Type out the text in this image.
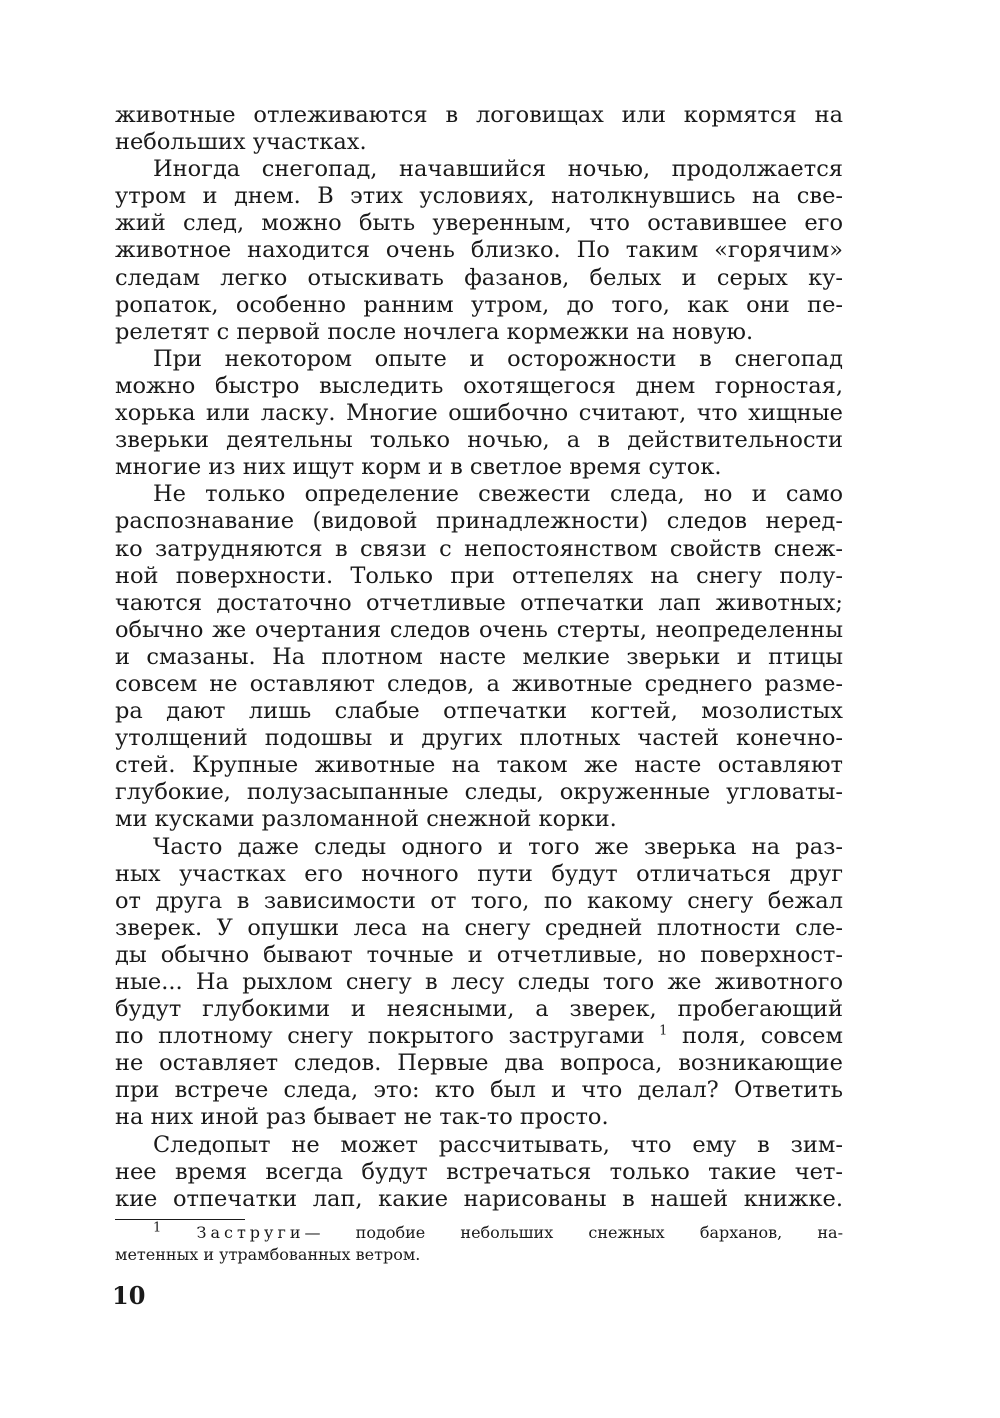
животные отлеживаются в логовищах или кормятся на
небольших участках.
Иногда снегопад, начавшийся ночью, продолжается
утром и днем. В этих условиях, натолкнувшись на све-
жий след, можно быть уверенным, что оставившее его
животное находится очень близко. По таким «горячим»
следам легко отыскивать фазанов, белых и серых ку-
ропаток, особенно ранним утром, до того, как они пе-
релетят с первой после ночлега кормежки на новую.
При некотором опыте и осторожности в снегопад
можно быстро выследить охотящегося днем горностая,
хорька или ласку. Многие ошибочно считают, что хищные
зверьки деятельны только ночью, а в действительности
многие из них ищут корм и в светлое время суток.
Не только определение свежести следа, но и само
распознавание (видовой принадлежности) следов неред-
ко затрудняются в связи с непостоянством свойств снеж-
ной поверхности. Только при оттепелях на снегу полу-
чаются достаточно отчетливые отпечатки лап животных;
обычно же очертания следов очень стерты, неопределенны
и смазаны. На плотном насте мелкие зверьки и птицы
совсем не оставляют следов, а животные среднего разме-
ра дают лишь слабые отпечатки когтей, мозолистых
утолщений подошвы и других плотных частей конечно-
стей. Крупные животные на таком же насте оставляют
глубокие, полузасыпанные следы, окруженные угловаты-
ми кусками разломанной снежной корки.
Часто даже следы одного и того же зверька на раз-
ных участках его ночного пути будут отличаться друг
от друга в зависимости от того, по какому снегу бежал
зверек. У опушки леса на снегу средней плотности сле-
ды обычно бывают точные и отчетливые, но поверхност-
ные... На рыхлом снегу в лесу следы того же животного
будут глубокими и неясными, а зверек, пробегающий
по плотному снегу покрытого застругами $^1$ поля, совсем
не оставляет следов. Первые два вопроса, возникающие
при встрече следа, это: кто был и что делал? Ответить
на них иной раз бывает не так-то просто.
Следопыт не может рассчитывать, что ему в зим-
нее время всегда будут встречаться только такие чет-
кие отпечатки лап, какие нарисованы в нашей книжке.
$^1$ Заструги— подобие небольших снежных барханов, на-
метенных и утрамбованных ветром.
10
